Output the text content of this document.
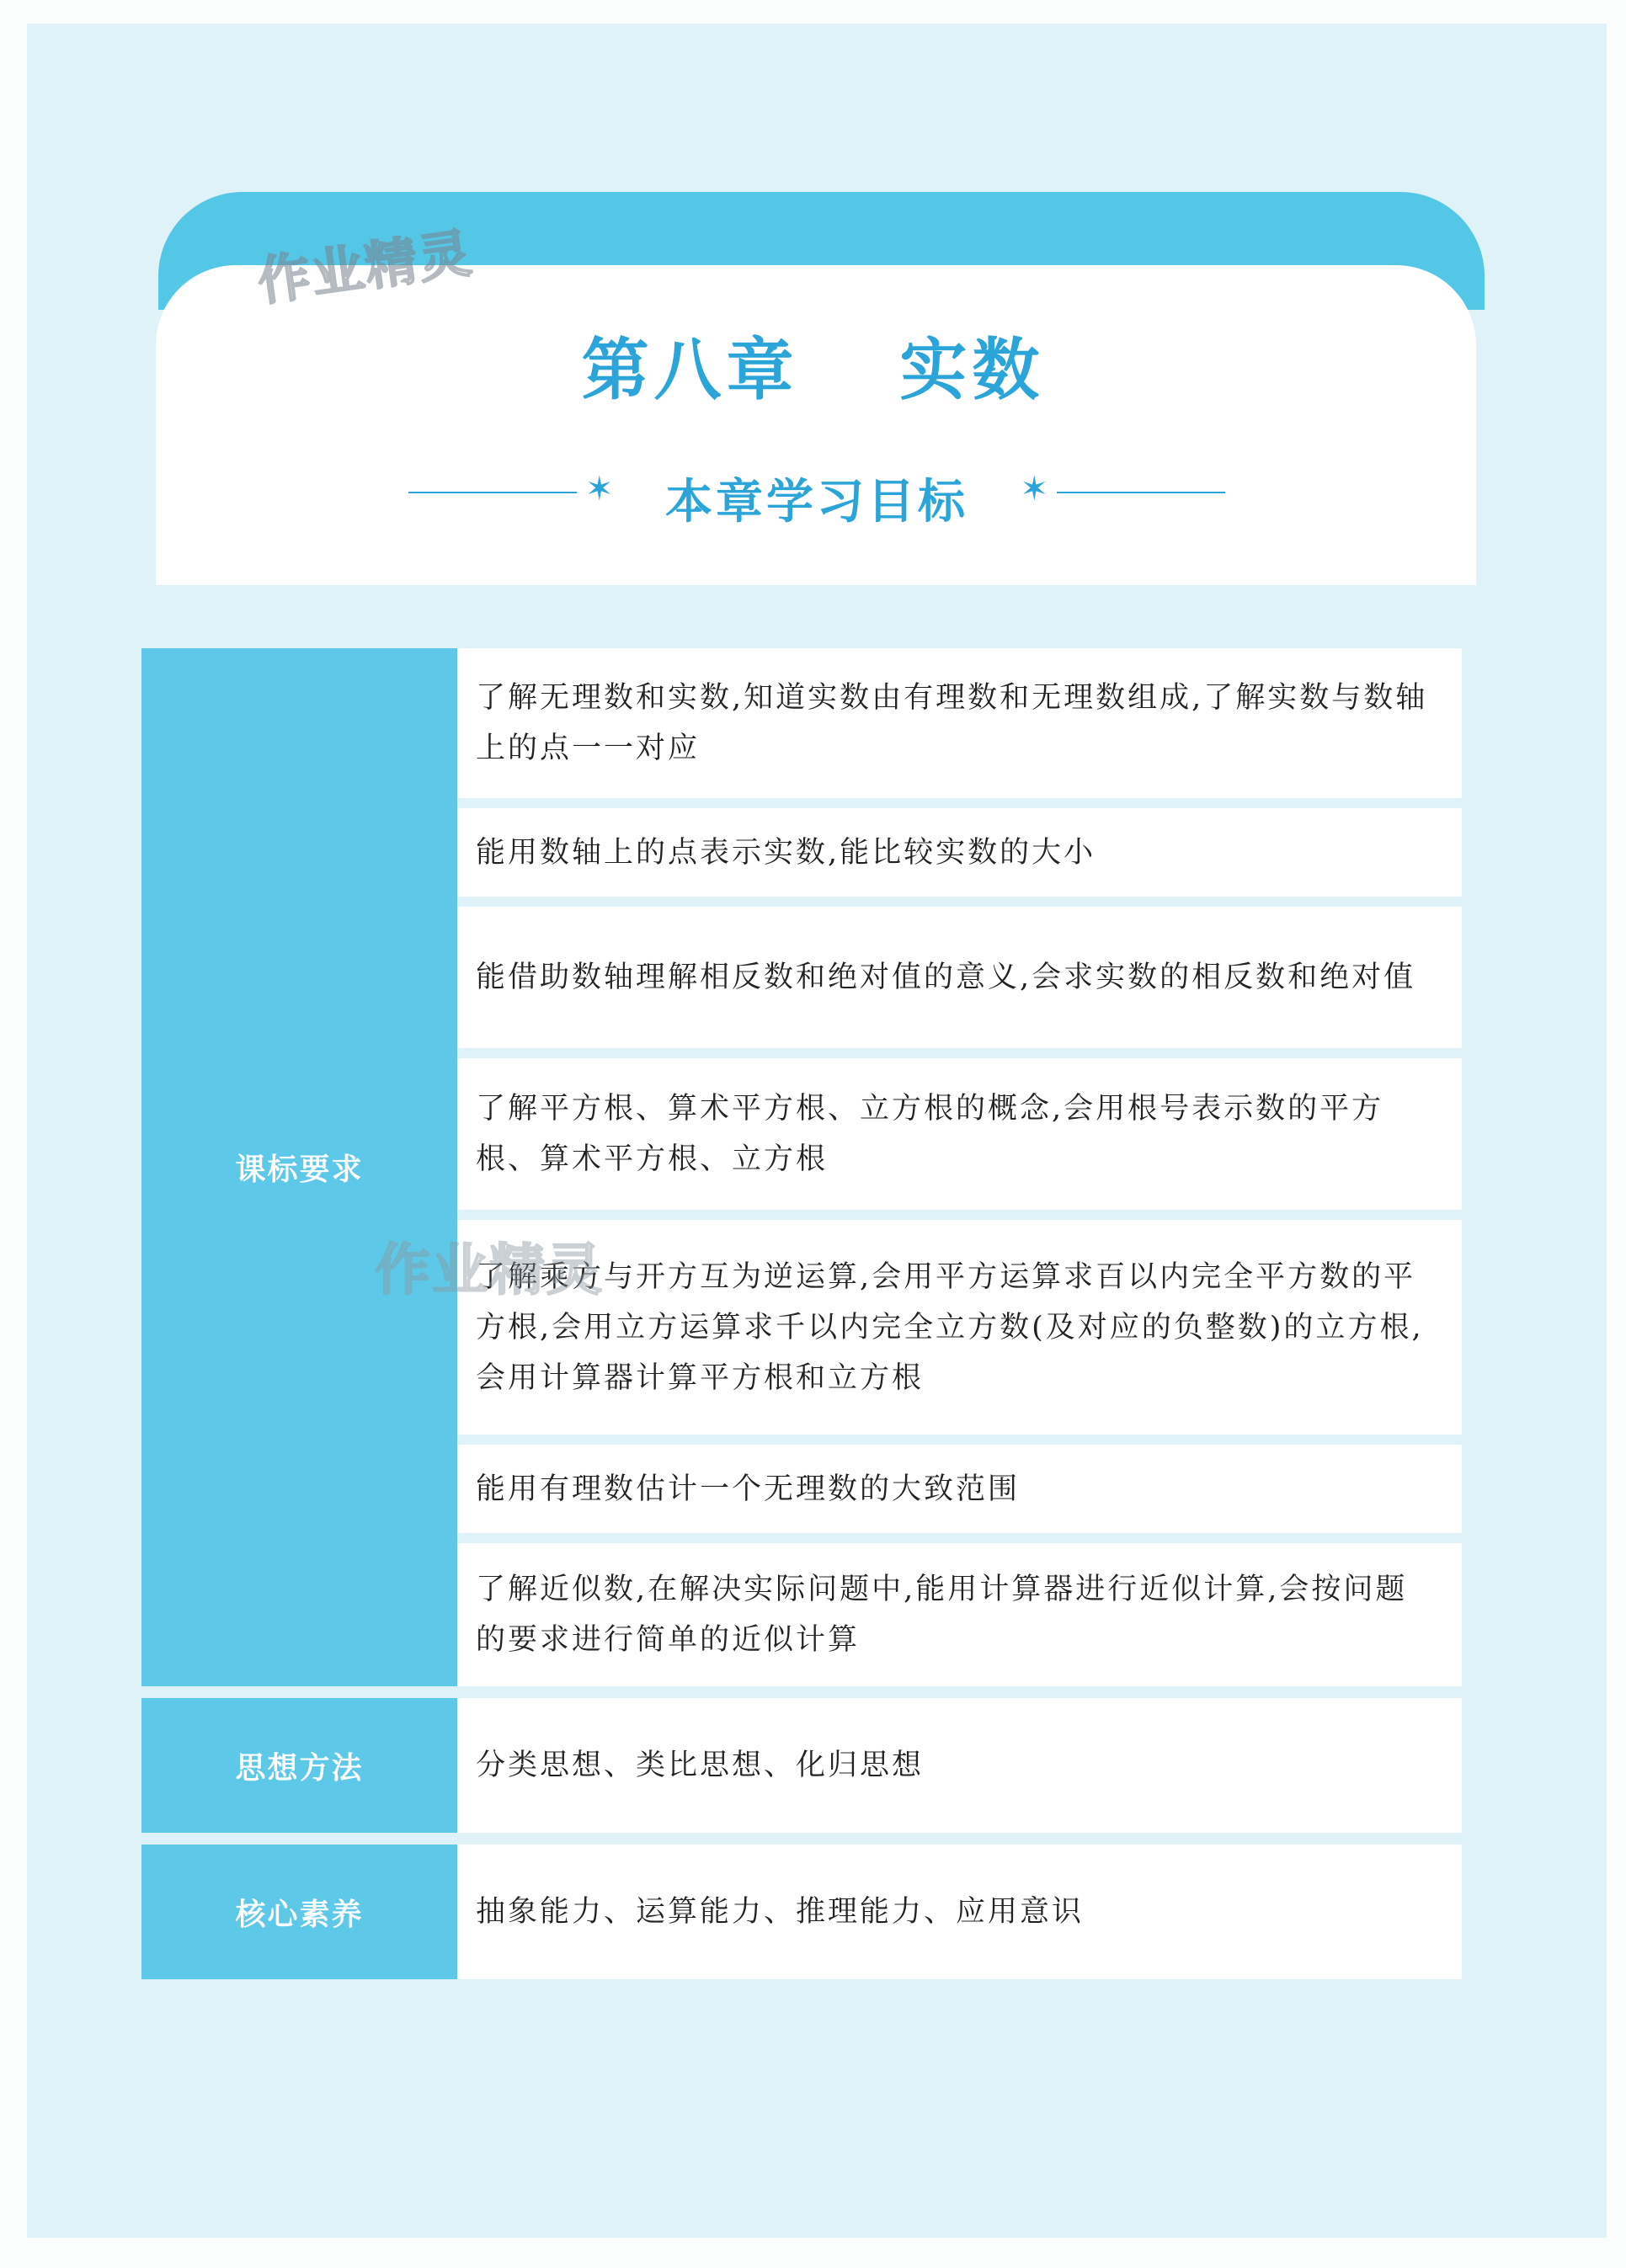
第八章　 实数
✶	本章学习目标	✶
课标要求
了解无理数和实数,知道实数由有理数和无理数组成,了解实数与数轴上的点一一对应
能用数轴上的点表示实数,能比较实数的大小
能借助数轴理解相反数和绝对值的意义,会求实数的相反数和绝对值
了解平方根、算术平方根、立方根的概念,会用根号表示数的平方根、算术平方根、立方根
了解乘方与开方互为逆运算,会用平方运算求百以内完全平方数的平方根,会用立方运算求千以内完全立方数(及对应的负整数)的立方根,会用计算器计算平方根和立方根
能用有理数估计一个无理数的大致范围
了解近似数,在解决实际问题中,能用计算器进行近似计算,会按问题的要求进行简单的近似计算
思想方法	分类思想、类比思想、化归思想
核心素养	抽象能力、运算能力、推理能力、应用意识
